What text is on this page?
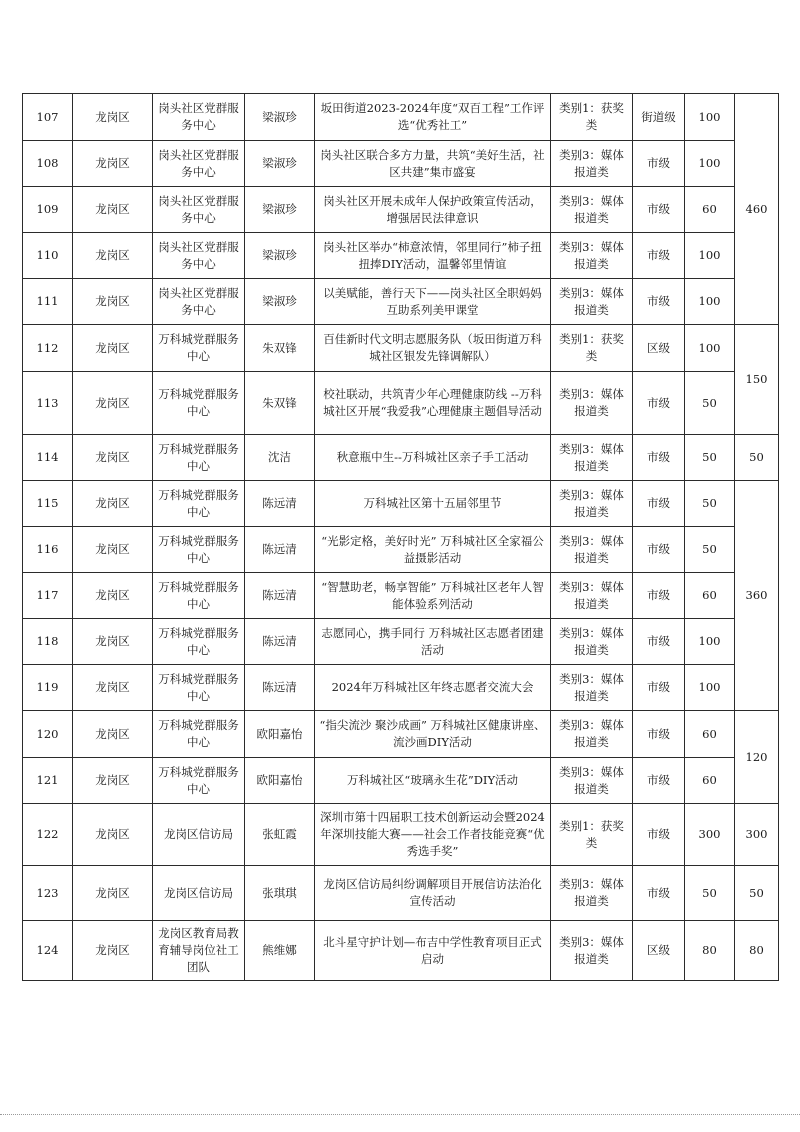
107	龙岗区	岗头社区党群服务中心	梁淑珍	坂田街道2023-2024年度“双百工程”工作评选“优秀社工”	类别1：获奖类	街道级	100	460
108	龙岗区	岗头社区党群服务中心	梁淑珍	岗头社区联合多方力量，共筑“美好生活，社区共建”集市盛宴	类别3：媒体报道类	市级	100	
109	龙岗区	岗头社区党群服务中心	梁淑珍	岗头社区开展未成年人保护政策宣传活动，增强居民法律意识	类别3：媒体报道类	市级	60	
110	龙岗区	岗头社区党群服务中心	梁淑珍	岗头社区举办“柿意浓情，邻里同行”柿子扭扭捧DIY活动，温馨邻里情谊	类别3：媒体报道类	市级	100	
111	龙岗区	岗头社区党群服务中心	梁淑珍	以美赋能，善行天下——岗头社区全职妈妈互助系列美甲课堂	类别3：媒体报道类	市级	100	
112	龙岗区	万科城党群服务中心	朱双锋	百佳新时代文明志愿服务队（坂田街道万科城社区银发先锋调解队）	类别1：获奖类	区级	100	150
113	龙岗区	万科城党群服务中心	朱双锋	校社联动，共筑青少年心理健康防线 --万科城社区开展“我爱我”心理健康主题倡导活动	类别3：媒体报道类	市级	50	
114	龙岗区	万科城党群服务中心	沈洁	秋意瓶中生--万科城社区亲子手工活动	类别3：媒体报道类	市级	50	50
115	龙岗区	万科城党群服务中心	陈远清	万科城社区第十五届邻里节	类别3：媒体报道类	市级	50	360
116	龙岗区	万科城党群服务中心	陈远清	“光影定格，美好时光” 万科城社区全家福公益摄影活动	类别3：媒体报道类	市级	50	
117	龙岗区	万科城党群服务中心	陈远清	“智慧助老，畅享智能” 万科城社区老年人智能体验系列活动	类别3：媒体报道类	市级	60	
118	龙岗区	万科城党群服务中心	陈远清	志愿同心，携手同行 万科城社区志愿者团建活动	类别3：媒体报道类	市级	100	
119	龙岗区	万科城党群服务中心	陈远清	2024年万科城社区年终志愿者交流大会	类别3：媒体报道类	市级	100	
120	龙岗区	万科城党群服务中心	欧阳嘉怡	“指尖流沙 聚沙成画” 万科城社区健康讲座、流沙画DIY活动	类别3：媒体报道类	市级	60	120
121	龙岗区	万科城党群服务中心	欧阳嘉怡	万科城社区“玻璃永生花”DIY活动	类别3：媒体报道类	市级	60	
122	龙岗区	龙岗区信访局	张虹霞	深圳市第十四届职工技术创新运动会暨2024年深圳技能大赛——社会工作者技能竞赛“优秀选手奖”	类别1：获奖类	市级	300	300
123	龙岗区	龙岗区信访局	张琪琪	龙岗区信访局纠纷调解项目开展信访法治化宣传活动	类别3：媒体报道类	市级	50	50
124	龙岗区	龙岗区教育局教育辅导岗位社工团队	熊维娜	北斗星守护计划—布吉中学性教育项目正式启动	类别3：媒体报道类	区级	80	80
